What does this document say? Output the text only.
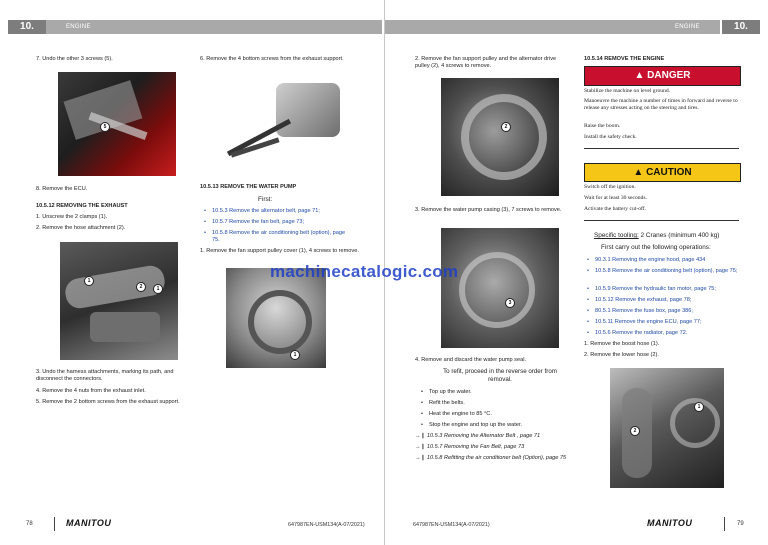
10.	ENGINE
7. Undo the other 3 screws (5).
5
8. Remove the ECU.
10.5.12 REMOVING THE EXHAUST
1. Unscrew the 2 clamps (1).
2. Remove the hose attachment (2).
1
2	1
3. Undo the harness attachments, marking its path, and disconnect the connectors.
4. Remove the 4 nuts from the exhaust inlet.
5. Remove the 2 bottom screws from the exhaust support.
6. Remove the 4 bottom screws from the exhaust support.
10.5.13 REMOVE THE WATER PUMP
First:
• 10.5.3 Remove the alternator belt, page 71;
• 10.5.7 Remove the fan belt, page 73;
• 10.5.8 Remove the air conditioning belt (option), page 75.
1. Remove the fan support pulley cover (1), 4 screws to remove.
1
78	MANITOU	647987EN-USM134(A-07/2021)
10.
ENGINE
2. Remove the fan support pulley and the alternator drive pulley (2), 4 screws to remove.
2
3. Remove the water pump casing (3), 7 screws to remove.
3
4. Remove and discard the water pump seal.
To refit, proceed in the reverse order from removal.
• Top up the water.
• Refit the belts.
• Heat the engine to 85 °C.
• Stop the engine and top up the water.
→❙ 10.5.3 Removing the Alternator Belt , page 71
→❙ 10.5.7 Removing the Fan Belt, page 73
→❙ 10.5.8 Refitting the air conditioner belt (Option), page 75
10.5.14 REMOVE THE ENGINE
▲ DANGER
Stabilize the machine on level ground.
Manoeuvre the machine a number of times in forward and reverse to release any stresses acting on the steering and tires.
Raise the boom.
Install the safety check.
▲ CAUTION
Switch off the ignition.
Wait for at least 30 seconds.
Activate the battery cut-off.
Specific tooling: 2 Cranes (minimum 400 kg)
First carry out the following operations:
• 90.3.1 Removing the engine hood, page 434
• 10.5.8 Remove the air conditioning belt (option), page 75;
• 10.5.9 Remove the hydraulic fan motor, page 75;
• 10.5.12 Remove the exhaust, page 78;
• 80.5.1 Remove the fuse box, page 386;
• 10.5.11 Remove the engine ECU, page 77;
• 10.5.6 Remove the radiator, page 72.
1. Remove the boost hose (1).
2. Remove the lower hose (2).
2
1
647987EN-USM134(A-07/2021)	MANITOU	79
machinecatalogic.com
